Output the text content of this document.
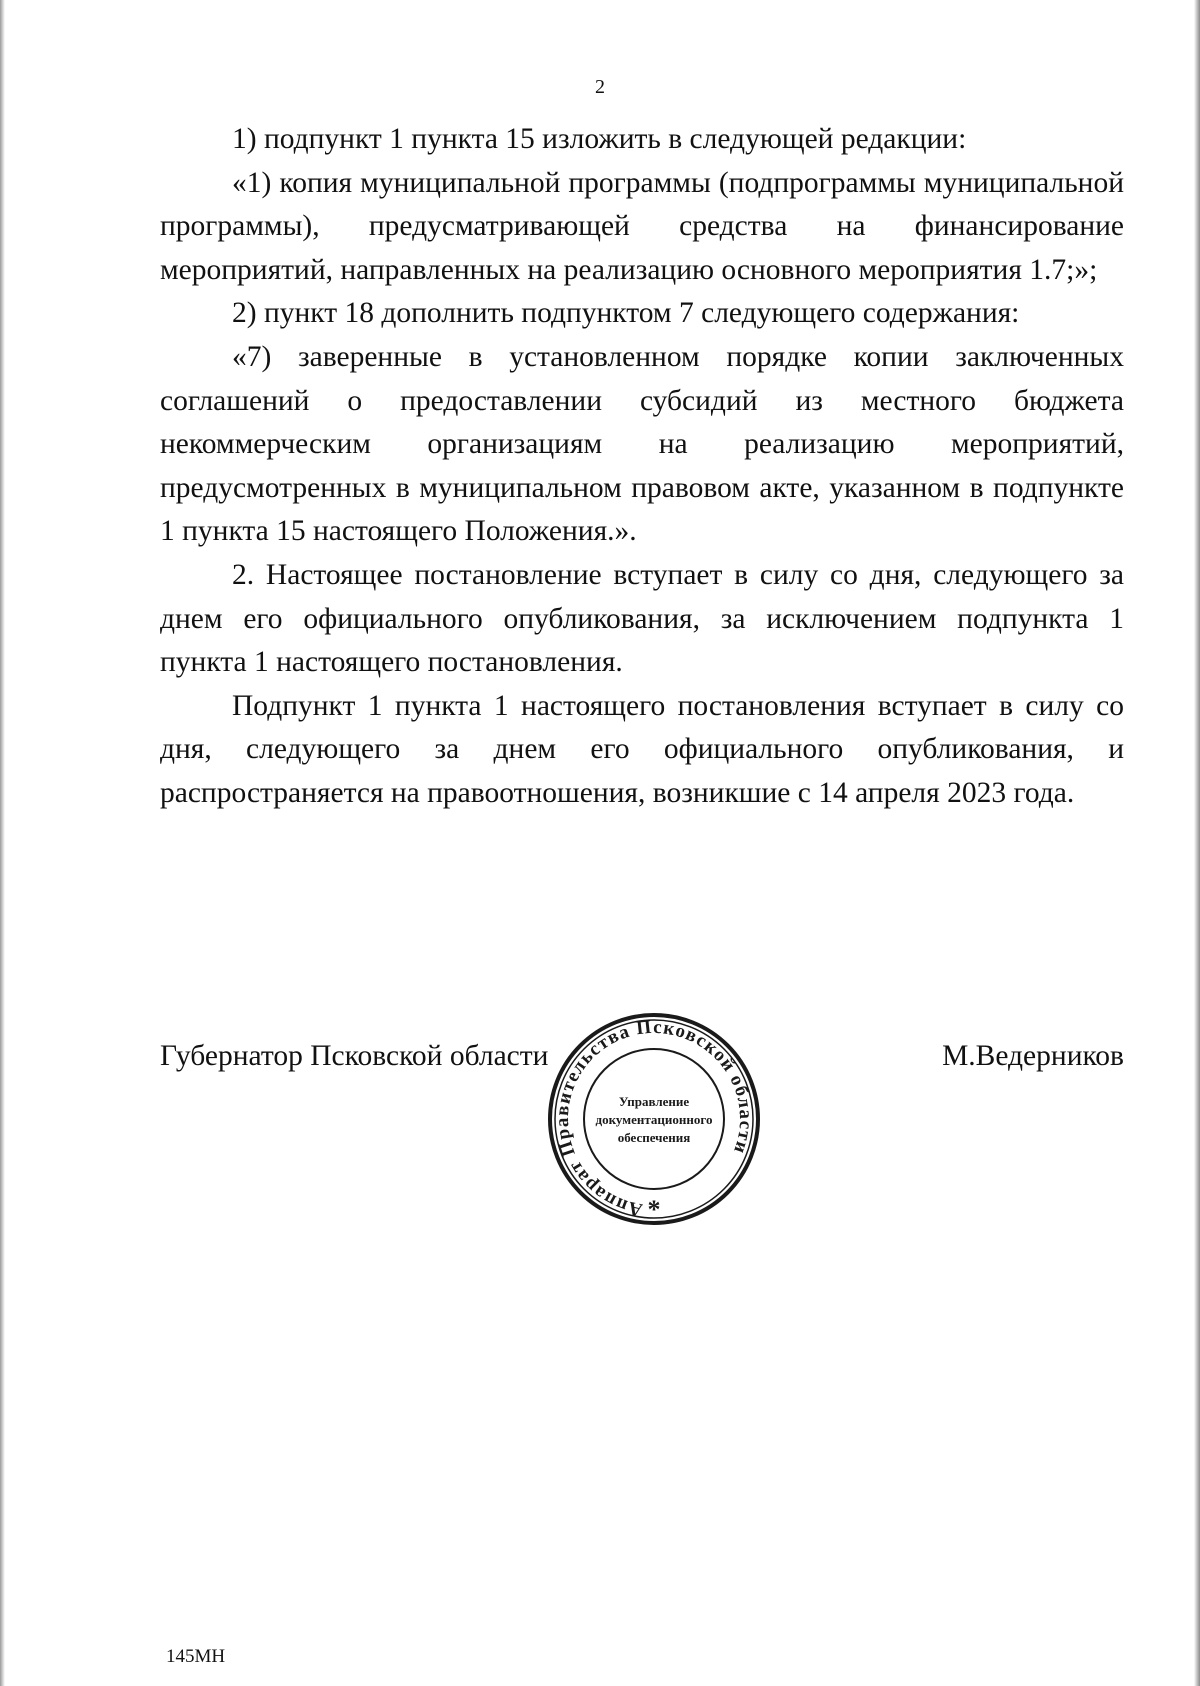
2

1) подпункт 1 пункта 15 изложить в следующей редакции:

«1) копия муниципальной программы (подпрограммы муниципальной программы), предусматривающей средства на финансирование мероприятий, направленных на реализацию основного мероприятия 1.7;»;

2) пункт 18 дополнить подпунктом 7 следующего содержания:

«7) заверенные в установленном порядке копии заключенных соглашений о предоставлении субсидий из местного бюджета некоммерческим организациям на реализацию мероприятий, предусмотренных в муниципальном правовом акте, указанном в подпункте 1 пункта 15 настоящего Положения.».

2. Настоящее постановление вступает в силу со дня, следующего за днем его официального опубликования, за исключением подпункта 1 пункта 1 настоящего постановления.

Подпункт 1 пункта 1 настоящего постановления вступает в силу со дня, следующего за днем его официального опубликования, и распространяется на правоотношения, возникшие с 14 апреля 2023 года.

Губернатор Псковской области	М.Ведерников
Аппарат Правительства Псковской области
Управление
документационного
обеспечения
*
145МН
